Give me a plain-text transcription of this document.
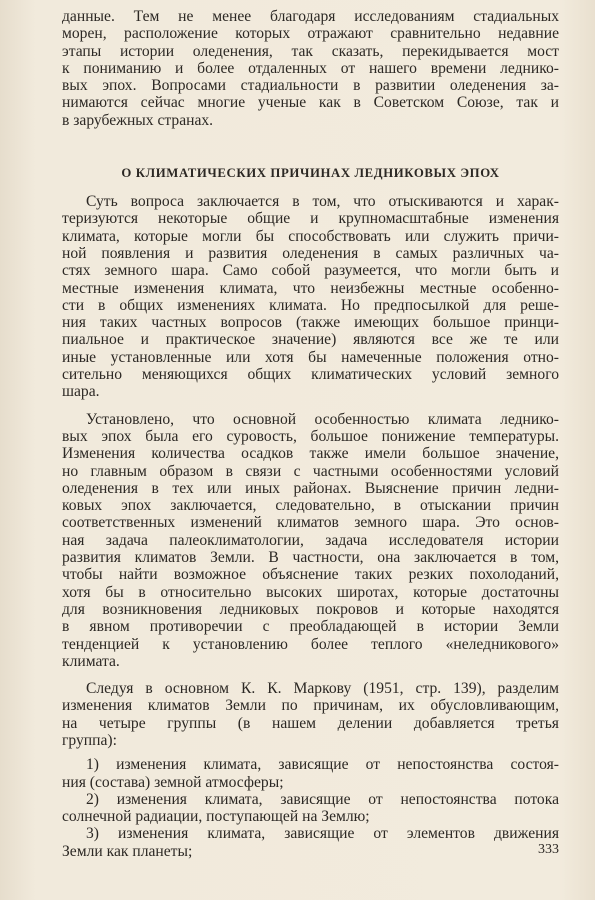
данные. Тем не менее благодаря исследованиям стадиальных
морен, расположение которых отражают сравнительно недавние
этапы истории оледенения, так сказать, перекидывается мост
к пониманию и более отдаленных от нашего времени леднико-
вых эпох. Вопросами стадиальности в развитии оледенения за-
нимаются сейчас многие ученые как в Советском Союзе, так и
в зарубежных странах.

О КЛИМАТИЧЕСКИХ ПРИЧИНАХ ЛЕДНИКОВЫХ ЭПОХ

Суть вопроса заключается в том, что отыскиваются и харак-
теризуются некоторые общие и крупномасштабные изменения
климата, которые могли бы способствовать или служить причи-
ной появления и развития оледенения в самых различных ча-
стях земного шара. Само собой разумеется, что могли быть и
местные изменения климата, что неизбежны местные особенно-
сти в общих изменениях климата. Но предпосылкой для реше-
ния таких частных вопросов (также имеющих большое принци-
пиальное и практическое значение) являются все же те или
иные установленные или хотя бы намеченные положения отно-
сительно меняющихся общих климатических условий земного
шара.

Установлено, что основной особенностью климата леднико-
вых эпох была его суровость, большое понижение температуры.
Изменения количества осадков также имели большое значение,
но главным образом в связи с частными особенностями условий
оледенения в тех или иных районах. Выяснение причин ледни-
ковых эпох заключается, следовательно, в отыскании причин
соответственных изменений климатов земного шара. Это основ-
ная задача палеоклиматологии, задача исследователя истории
развития климатов Земли. В частности, она заключается в том,
чтобы найти возможное объяснение таких резких похолоданий,
хотя бы в относительно высоких широтах, которые достаточны
для возникновения ледниковых покровов и которые находятся
в явном противоречии с преобладающей в истории Земли
тенденцией к установлению более теплого «неледникового»
климата.

Следуя в основном К. К. Маркову (1951, стр. 139), разделим
изменения климатов Земли по причинам, их обусловливающим,
на четыре группы (в нашем делении добавляется третья
группа):

1) изменения климата, зависящие от непостоянства состоя-
ния (состава) земной атмосферы;

2) изменения климата, зависящие от непостоянства потока
солнечной радиации, поступающей на Землю;

3) изменения климата, зависящие от элементов движения
Земли как планеты;	333
